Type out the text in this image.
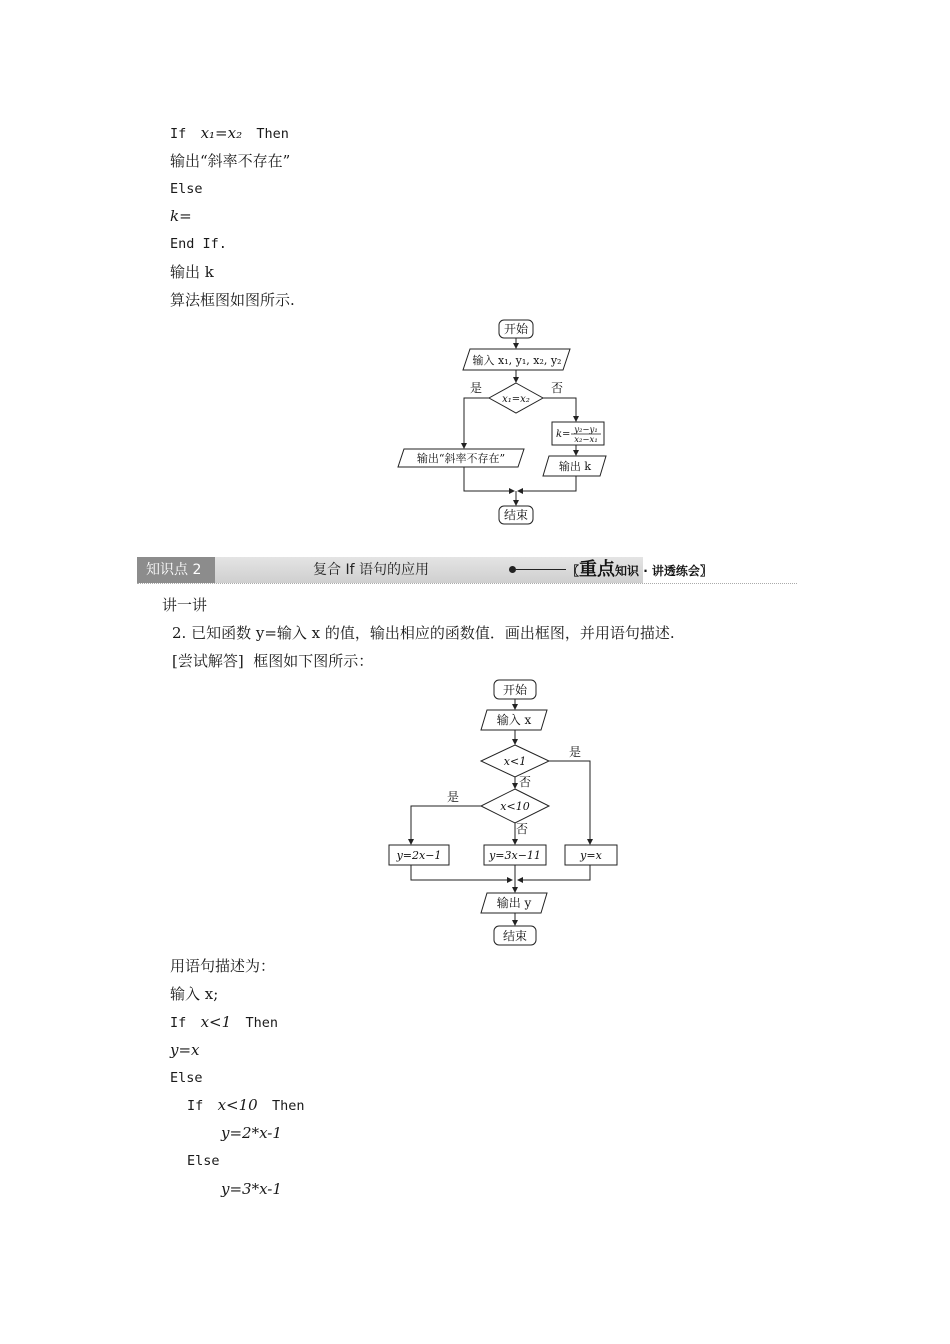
If x₁=x₂ Then
输出“斜率不存在”
Else
k=
End If.
输出 k
算法框图如图所示.
开始
输入 x₁, y₁, x₂, y₂
x₁=x₂
是	否
k= y₂−y₁
x₂−x₁
输出“斜率不存在”
输出 k
结束
知识点 2	复合 If 语句的应用	〖重点知识 · 讲透练会〗
讲一讲
2. 已知函数 y=输入 x 的值，输出相应的函数值．画出框图，并用语句描述.
[尝试解答] 框图如下图所示：
开始
输入 x
x<1
是
否
x<10
是
否
y=2x−1	y=3x−11	y=x
输出 y
结束
用语句描述为：
输入 x;
If x<1 Then
y=x
Else
If x<10 Then
y=2*x-1
Else
y=3*x-1
